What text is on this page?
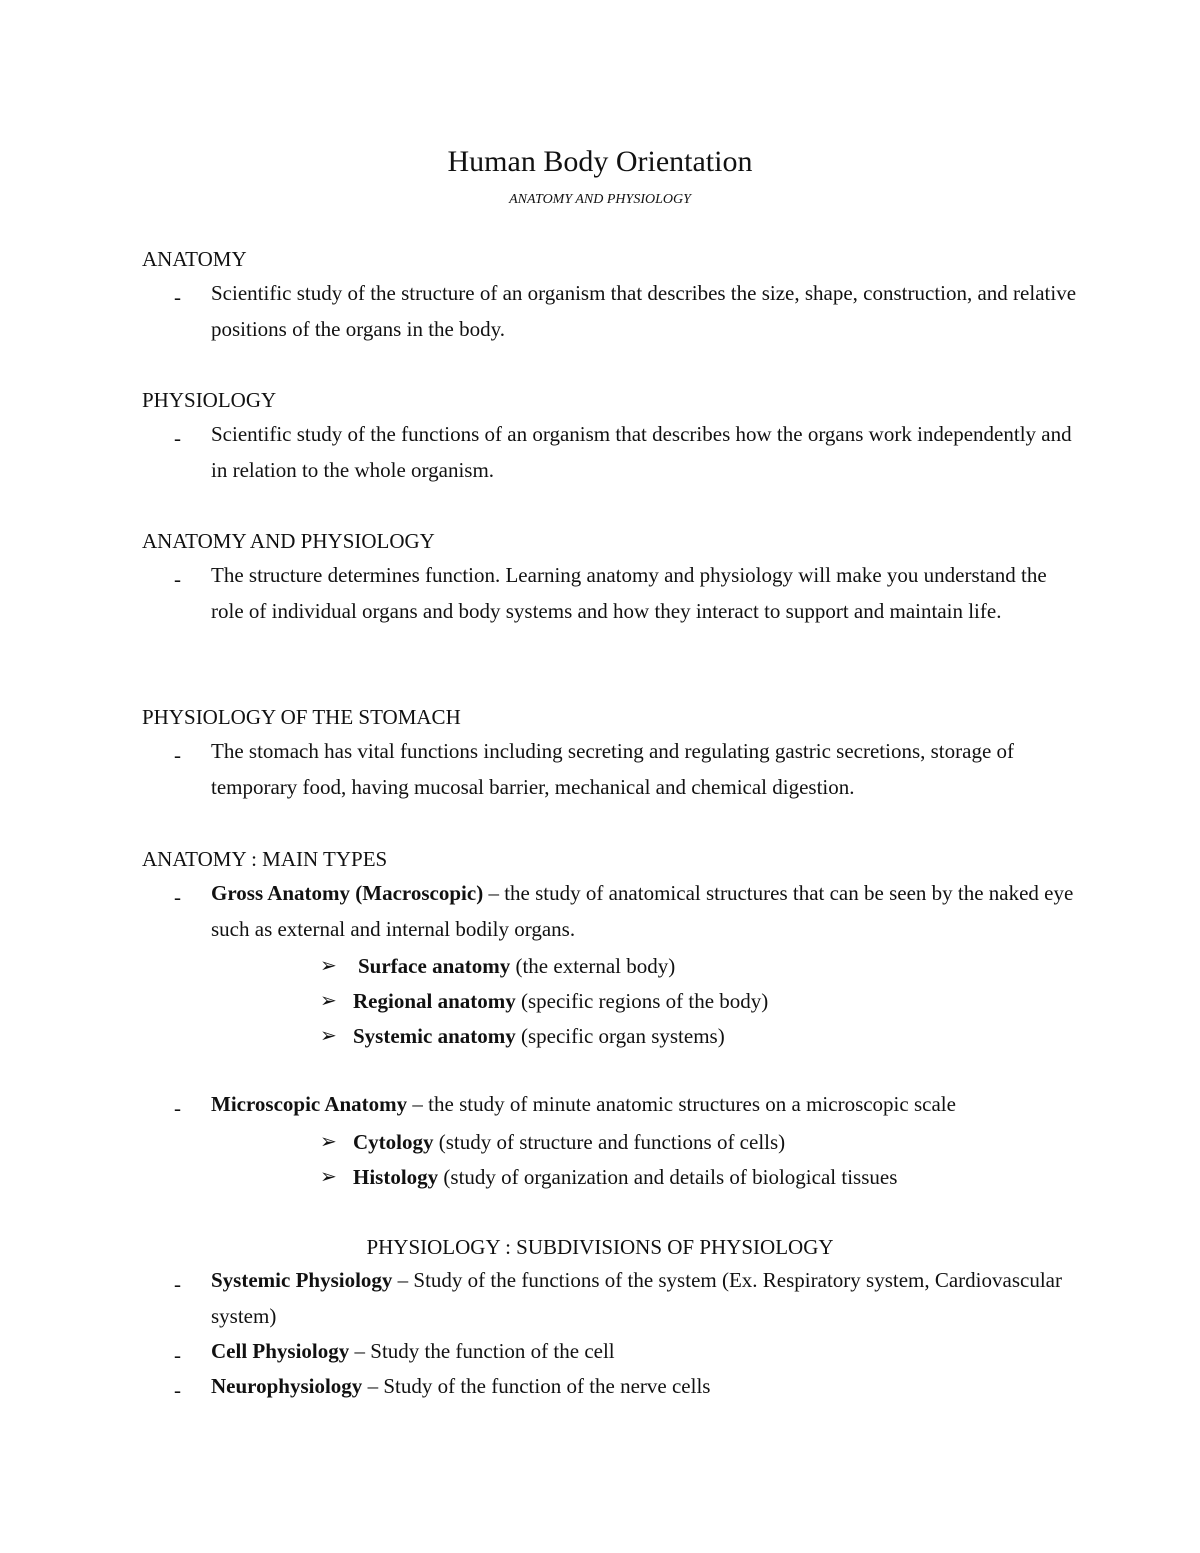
Human Body Orientation
ANATOMY AND PHYSIOLOGY
ANATOMY
- Scientific study of the structure of an organism that describes the size, shape, construction, and relative positions of the organs in the body.
PHYSIOLOGY
- Scientific study of the functions of an organism that describes how the organs work independently and in relation to the whole organism.
ANATOMY AND PHYSIOLOGY
- The structure determines function. Learning anatomy and physiology will make you understand the role of individual organs and body systems and how they interact to support and maintain life.
PHYSIOLOGY OF THE STOMACH
- The stomach has vital functions including secreting and regulating gastric secretions, storage of temporary food, having mucosal barrier, mechanical and chemical digestion.
ANATOMY : MAIN TYPES
- Gross Anatomy (Macroscopic) – the study of anatomical structures that can be seen by the naked eye such as external and internal bodily organs.
➢ Surface anatomy (the external body)
➢ Regional anatomy (specific regions of the body)
➢ Systemic anatomy (specific organ systems)
- Microscopic Anatomy – the study of minute anatomic structures on a microscopic scale
➢ Cytology (study of structure and functions of cells)
➢ Histology (study of organization and details of biological tissues
PHYSIOLOGY : SUBDIVISIONS OF PHYSIOLOGY
- Systemic Physiology – Study of the functions of the system (Ex. Respiratory system, Cardiovascular system)
- Cell Physiology – Study the function of the cell
- Neurophysiology – Study of the function of the nerve cells
